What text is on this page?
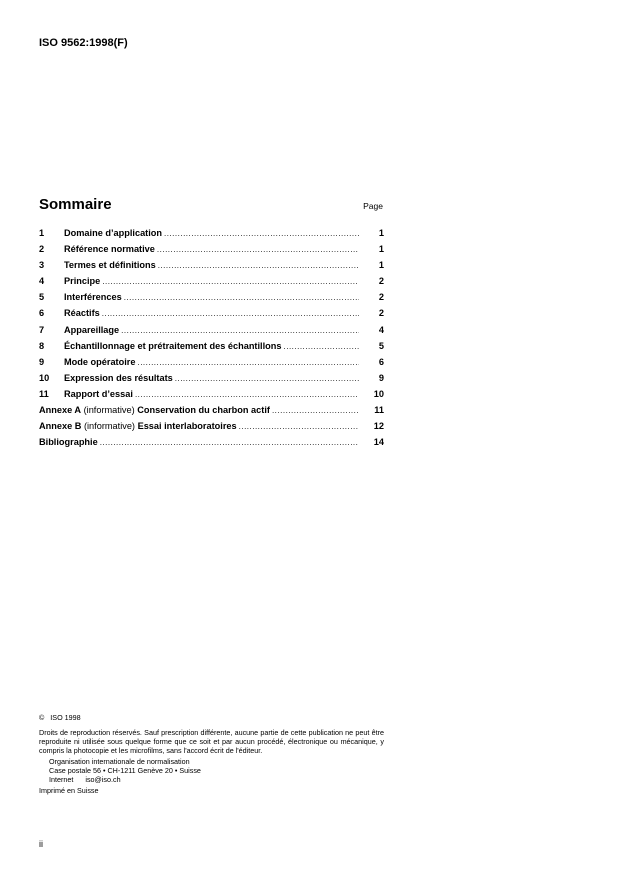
ISO 9562:1998(F)
Sommaire	Page
1	Domaine d’application .....	1
2	Référence normative .....	1
3	Termes et définitions .....	1
4	Principe .....	2
5	Interférences .....	2
6	Réactifs .....	2
7	Appareillage .....	4
8	Échantillonnage et prétraitement des échantillons .....	5
9	Mode opératoire .....	6
10	Expression des résultats .....	9
11	Rapport d’essai .....	10
Annexe A (informative) Conservation du charbon actif .....	11
Annexe B (informative) Essai interlaboratoires .....	12
Bibliographie .....	14
©   ISO 1998
Droits de reproduction réservés. Sauf prescription différente, aucune partie de cette publication ne peut être reproduite ni utilisée sous quelque forme que ce soit et par aucun procédé, électronique ou mécanique, y compris la photocopie et les microfilms, sans l'accord écrit de l'éditeur.
Organisation internationale de normalisation
Case postale 56 • CH-1211 Genève 20 • Suisse
Internet      iso@iso.ch
Imprimé en Suisse
ii
